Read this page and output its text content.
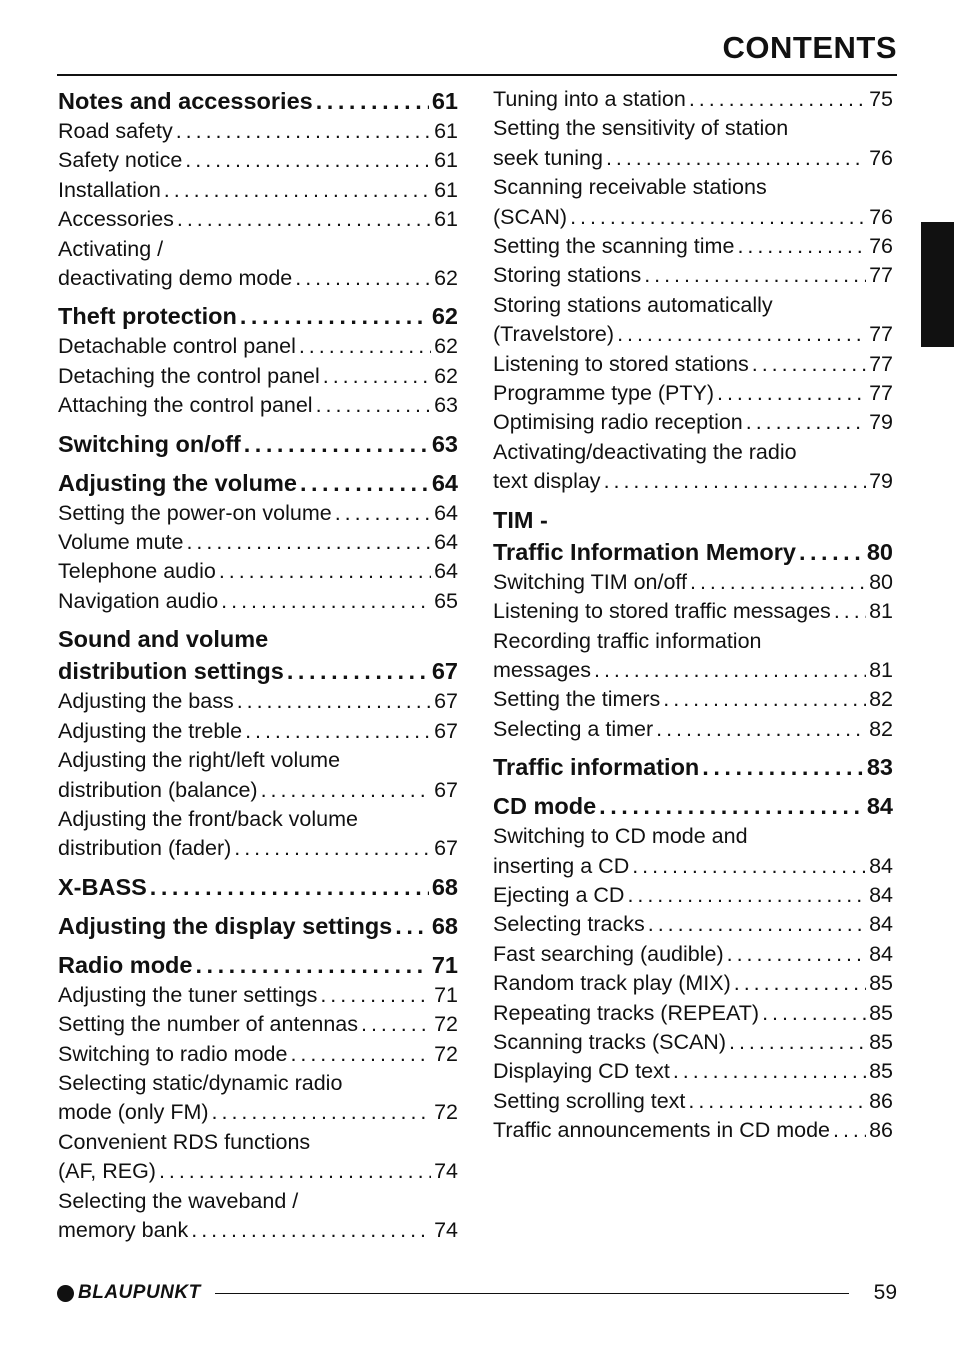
CONTENTS
Notes and accessories . . .	61
Road safety . . .	61
Safety notice . . .	61
Installation . . .	61
Accessories . . .	61
Activating /
deactivating demo mode . . .	62
Theft protection . . .	62
Detachable control panel . . .	62
Detaching the control panel . . .	62
Attaching the control panel . . .	63
Switching on/off . . .	63
Adjusting the volume . . .	64
Setting the power-on volume . . .	64
Volume mute . . .	64
Telephone audio . . .	64
Navigation audio . . .	65
Sound and volume
distribution settings . . .	67
Adjusting the bass . . .	67
Adjusting the treble . . .	67
Adjusting the right/left volume
distribution (balance) . . .	67
Adjusting the front/back volume
distribution (fader) . . .	67
X-BASS . . .	68
Adjusting the display settings . . . 68
Radio mode . . .	71
Adjusting the tuner settings . . .	71
Setting the number of antennas . . .	72
Switching to radio mode . . .	72
Selecting static/dynamic radio
mode (only FM) . . .	72
Convenient RDS functions
(AF, REG) . . .	74
Selecting the waveband /
memory bank . . .	74
Tuning into a station . . .	75
Setting the sensitivity of station
seek tuning . . .	76
Scanning receivable stations
(SCAN) . . .	76
Setting the scanning time . . .	76
Storing stations . . .	77
Storing stations automatically
(Travelstore) . . .	77
Listening to stored stations . . .	77
Programme type (PTY) . . .	77
Optimising radio reception . . .	79
Activating/deactivating the radio
text display . . .	79
TIM -
Traffic Information Memory . . .	80
Switching TIM on/off . . .	80
Listening to stored traffic messages . . . 81
Recording traffic information
messages . . .	81
Setting the timers . . .	82
Selecting a timer . . .	82
Traffic information . . .	83
CD mode . . .	84
Switching to CD mode and
inserting a CD . . .	84
Ejecting a CD . . .	84
Selecting tracks . . .	84
Fast searching (audible) . . .	84
Random track play (MIX) . . .	85
Repeating tracks (REPEAT) . . .	85
Scanning tracks (SCAN) . . .	85
Displaying CD text . . .	85
Setting scrolling text . . .	86
Traffic announcements in CD mode . . . 86
BLAUPUNKT	59
